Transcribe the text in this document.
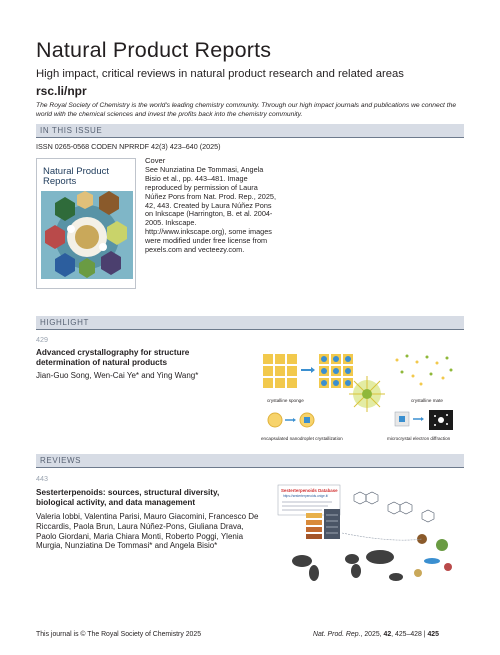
Natural Product Reports
High impact, critical reviews in natural product research and related areas
rsc.li/npr
The Royal Society of Chemistry is the world's leading chemistry community. Through our high impact journals and publications we connect the world with the chemical sciences and invest the profits back into the chemistry community.
IN THIS ISSUE
ISSN 0265-0568 CODEN NPRRDF 42(3) 423–640 (2025)
Natural Product
Reports
Cover
See Nunziatina De Tommasi, Angela Bisio et al., pp. 443–481. Image reproduced by permission of Laura Núñez Pons from Nat. Prod. Rep., 2025, 42, 443. Created by Laura Núñez Pons on Inkscape (Harrington, B. et al. 2004-2005. Inkscape. http://www.inkscape.org), some images were modified under free license from pexels.com and vecteezy.com.
HIGHLIGHT
429
Advanced crystallography for structure determination of natural products
Jian-Guo Song, Wen-Cai Ye* and Ying Wang*
crystalline sponge	crystalline mate
encapsulated nanodroplet crystallization	microcrystal electron diffraction
REVIEWS
443
Sesterterpenoids: sources, structural diversity, biological activity, and data management
Valeria Iobbi, Valentina Parisi, Mauro Giacomini, Francesco De Riccardis, Paola Brun, Laura Núñez-Pons, Giuliana Drava, Paolo Giordani, Maria Chiara Monti, Roberto Poggi, Ylenia Murgia, Nunziatina De Tommasi* and Angela Bisio*
Sesterterpenoids Database
https://sesterterpenoids.unige.it/
This journal is © The Royal Society of Chemistry 2025	Nat. Prod. Rep., 2025, 42, 425–428 | 425
